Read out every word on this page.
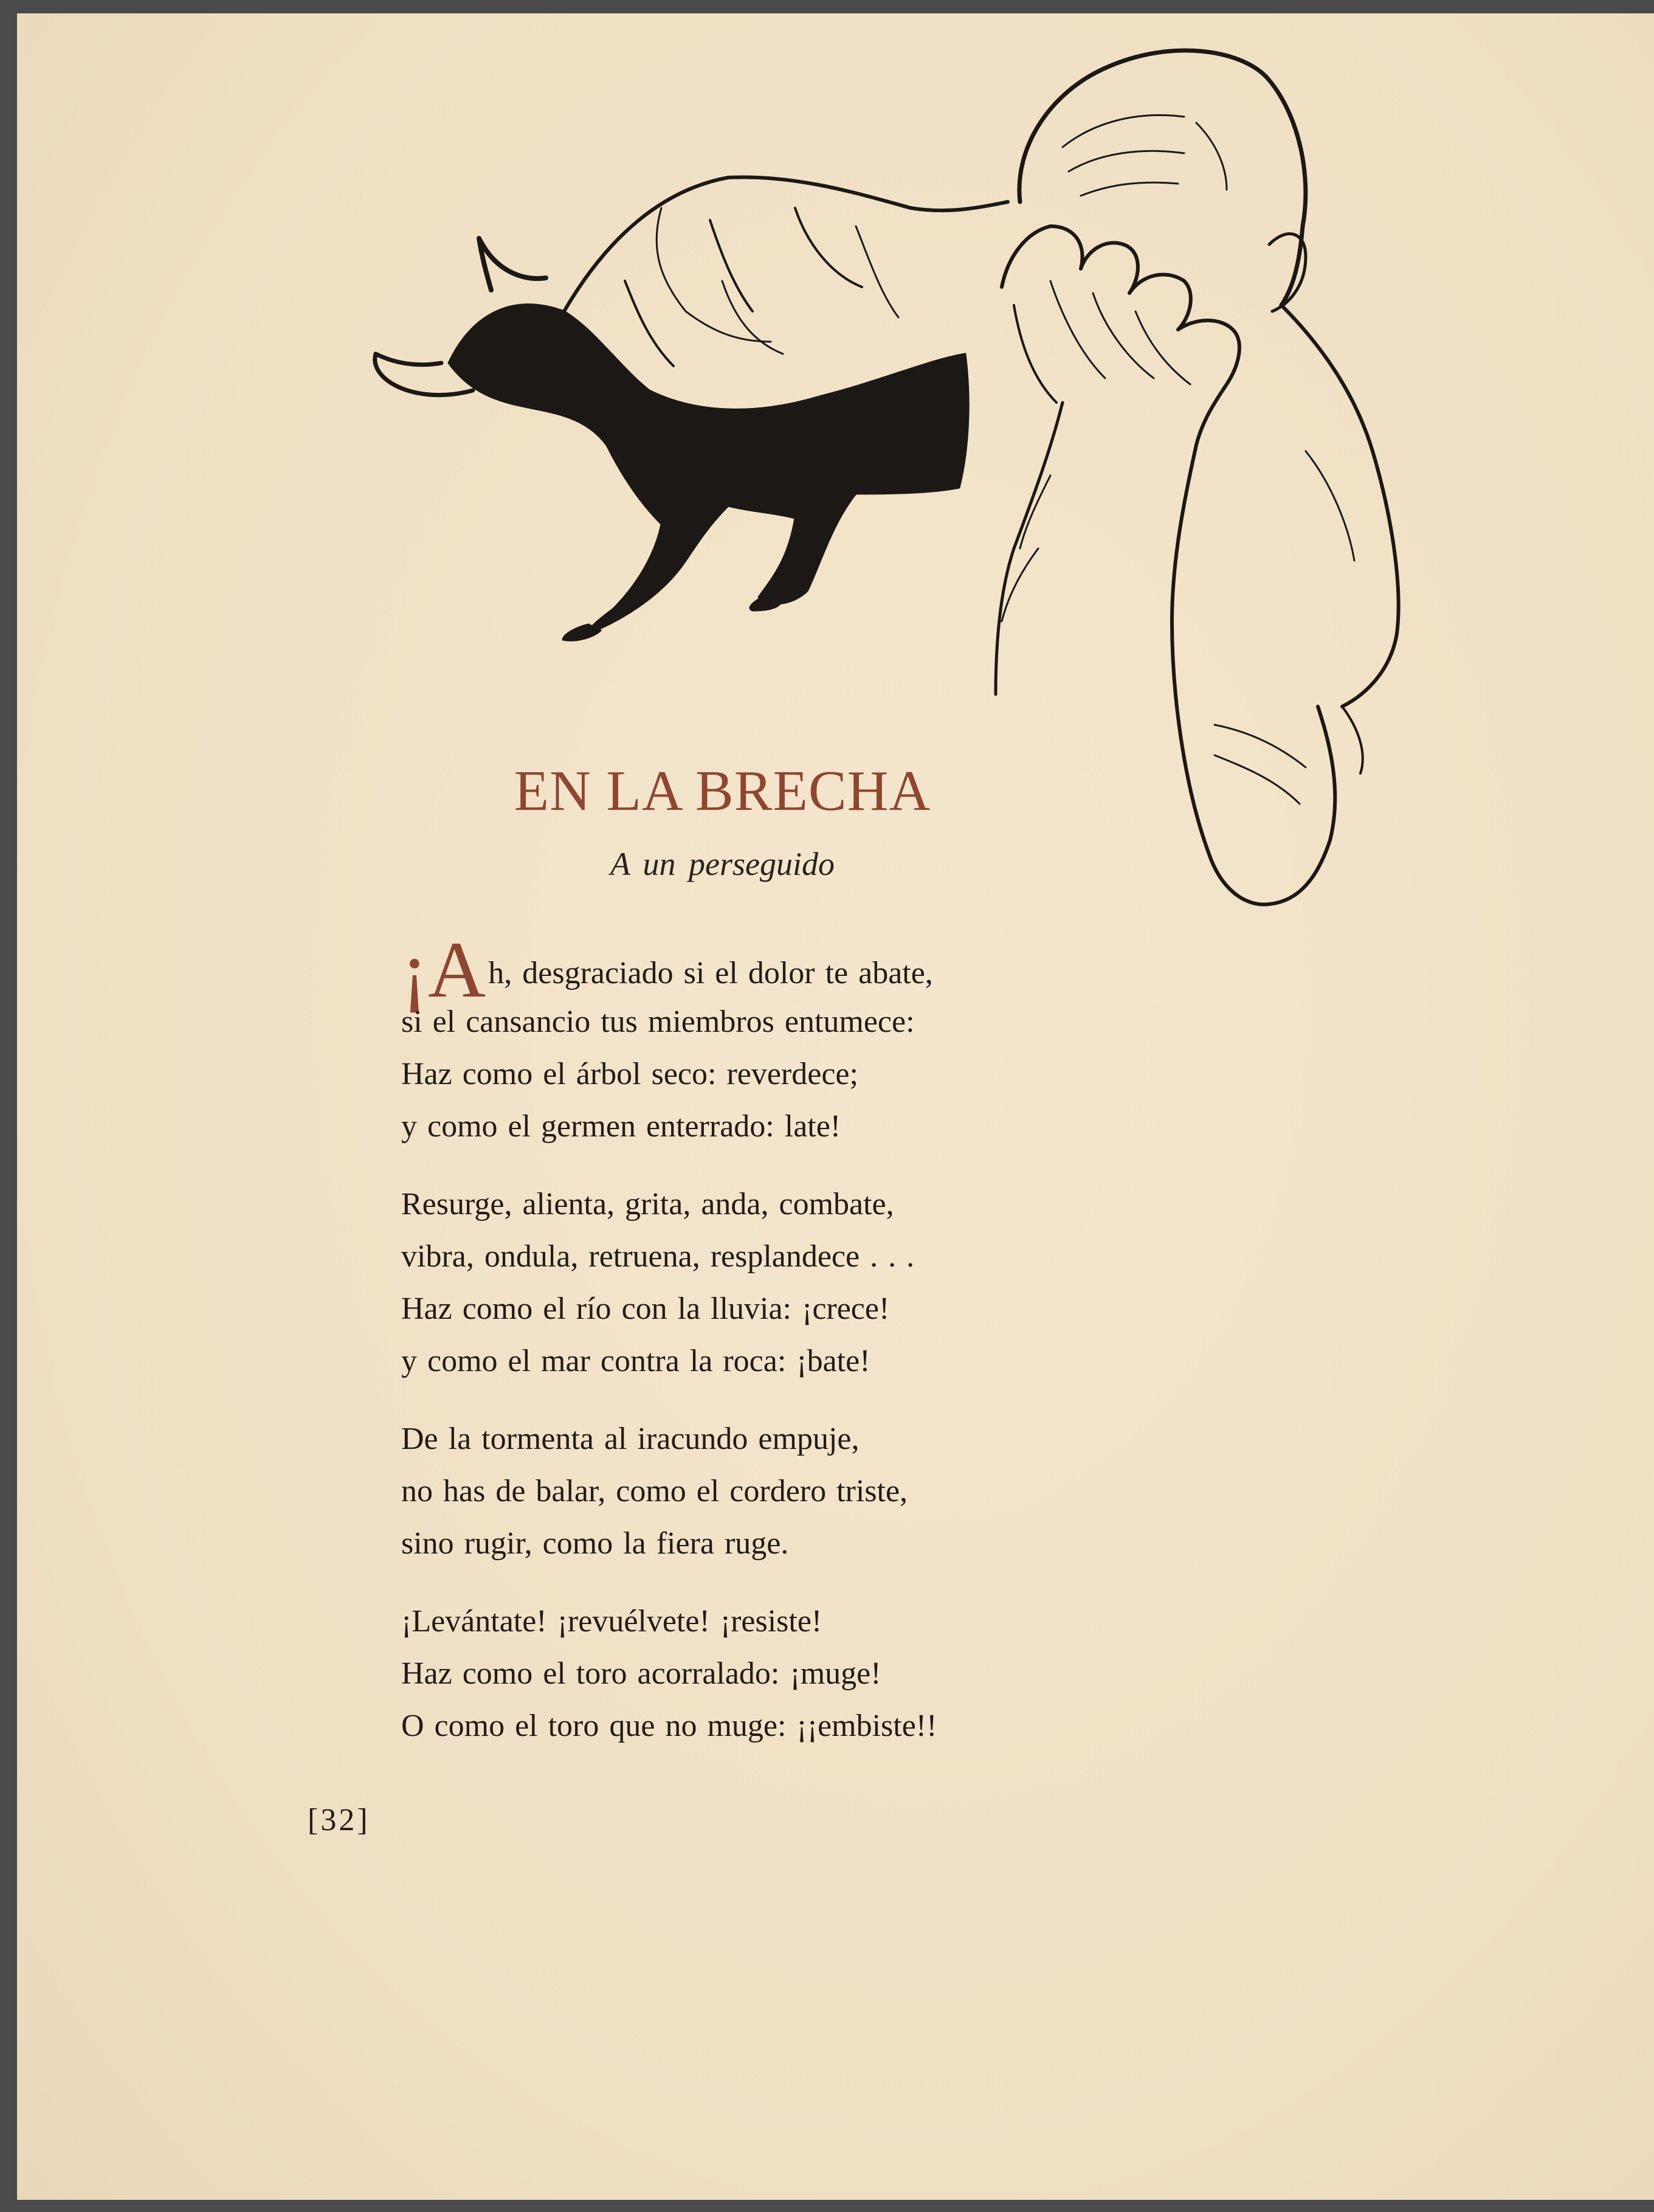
EN LA BRECHA
A un perseguido
¡Ah, desgraciado si el dolor te abate,
si el cansancio tus miembros entumece:
Haz como el árbol seco: reverdece;
y como el germen enterrado: late!
Resurge, alienta, grita, anda, combate,
vibra, ondula, retruena, resplandece . . .
Haz como el río con la lluvia: ¡crece!
y como el mar contra la roca: ¡bate!
De la tormenta al iracundo empuje,
no has de balar, como el cordero triste,
sino rugir, como la fiera ruge.
¡Levántate! ¡revuélvete! ¡resiste!
Haz como el toro acorralado: ¡muge!
O como el toro que no muge: ¡¡embiste!!
[32]
